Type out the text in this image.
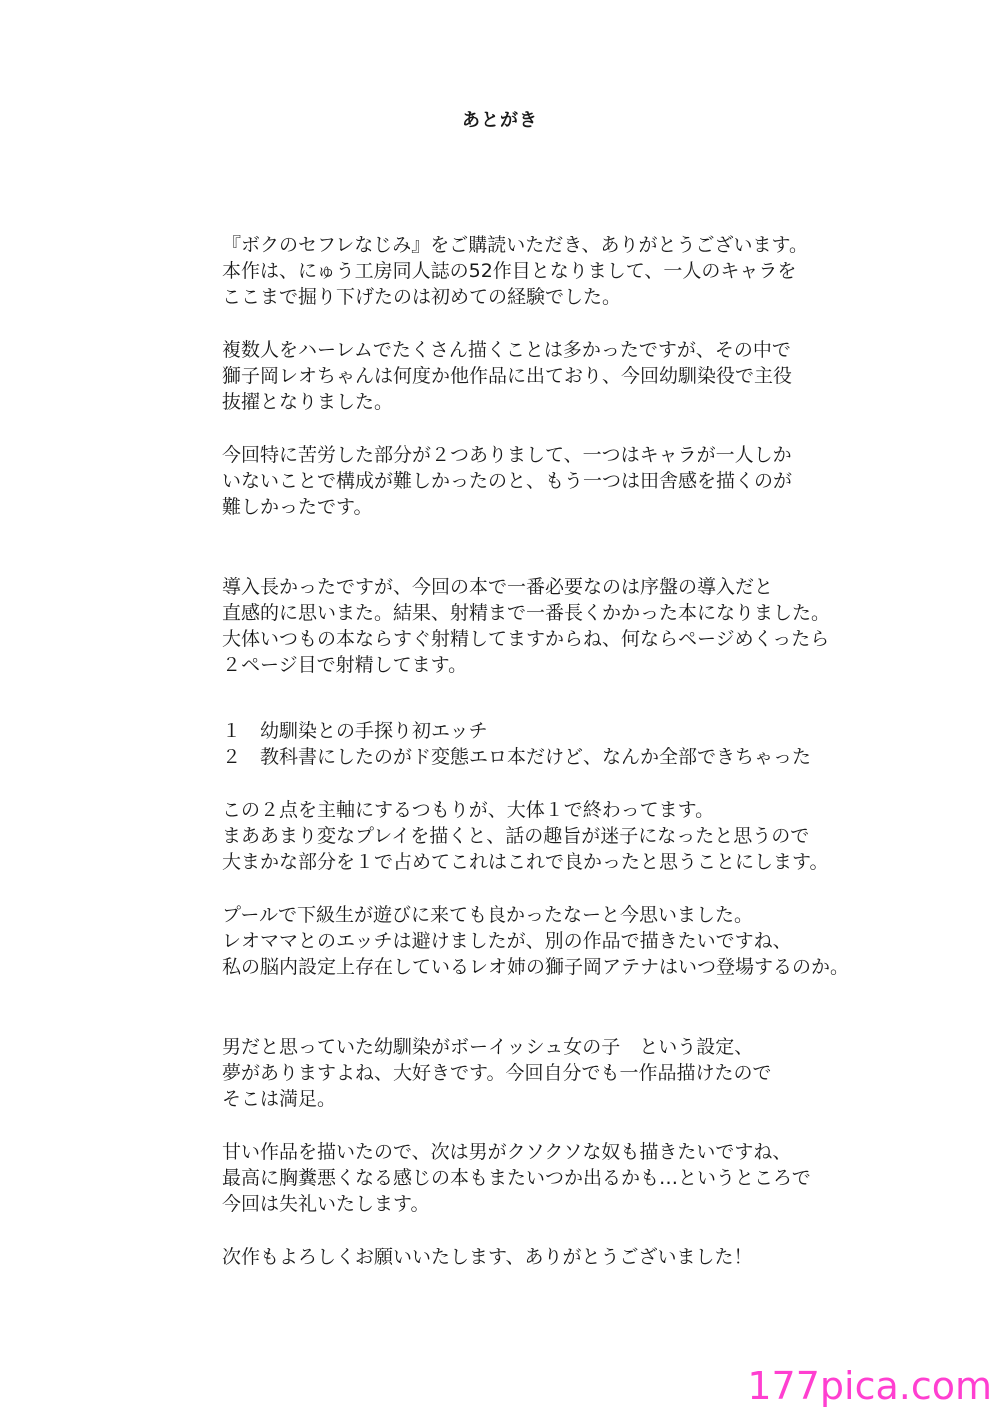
あとがき

『ボクのセフレなじみ』をご購読いただき、ありがとうございます。
本作は、にゅう工房同人誌の52作目となりまして、一人のキャラを
ここまで掘り下げたのは初めての経験でした。

複数人をハーレムでたくさん描くことは多かったですが、その中で
獅子岡レオちゃんは何度か他作品に出ており、今回幼馴染役で主役
抜擢となりました。

今回特に苦労した部分が２つありまして、一つはキャラが一人しか
いないことで構成が難しかったのと、もう一つは田舎感を描くのが
難しかったです。

導入長かったですが、今回の本で一番必要なのは序盤の導入だと
直感的に思いまた。結果、射精まで一番長くかかった本になりました。
大体いつもの本ならすぐ射精してますからね、何ならページめくったら
２ページ目で射精してます。

１　幼馴染との手探り初エッチ
２　教科書にしたのがド変態エロ本だけど、なんか全部できちゃった

この２点を主軸にするつもりが、大体１で終わってます。
まああまり変なプレイを描くと、話の趣旨が迷子になったと思うので
大まかな部分を１で占めてこれはこれで良かったと思うことにします。

プールで下級生が遊びに来ても良かったなーと今思いました。
レオママとのエッチは避けましたが、別の作品で描きたいですね、
私の脳内設定上存在しているレオ姉の獅子岡アテナはいつ登場するのか。

男だと思っていた幼馴染がボーイッシュ女の子　という設定、
夢がありますよね、大好きです。今回自分でも一作品描けたので
そこは満足。

甘い作品を描いたので、次は男がクソクソな奴も描きたいですね、
最高に胸糞悪くなる感じの本もまたいつか出るかも…というところで
今回は失礼いたします。

次作もよろしくお願いいたします、ありがとうございました！

177pica.com
